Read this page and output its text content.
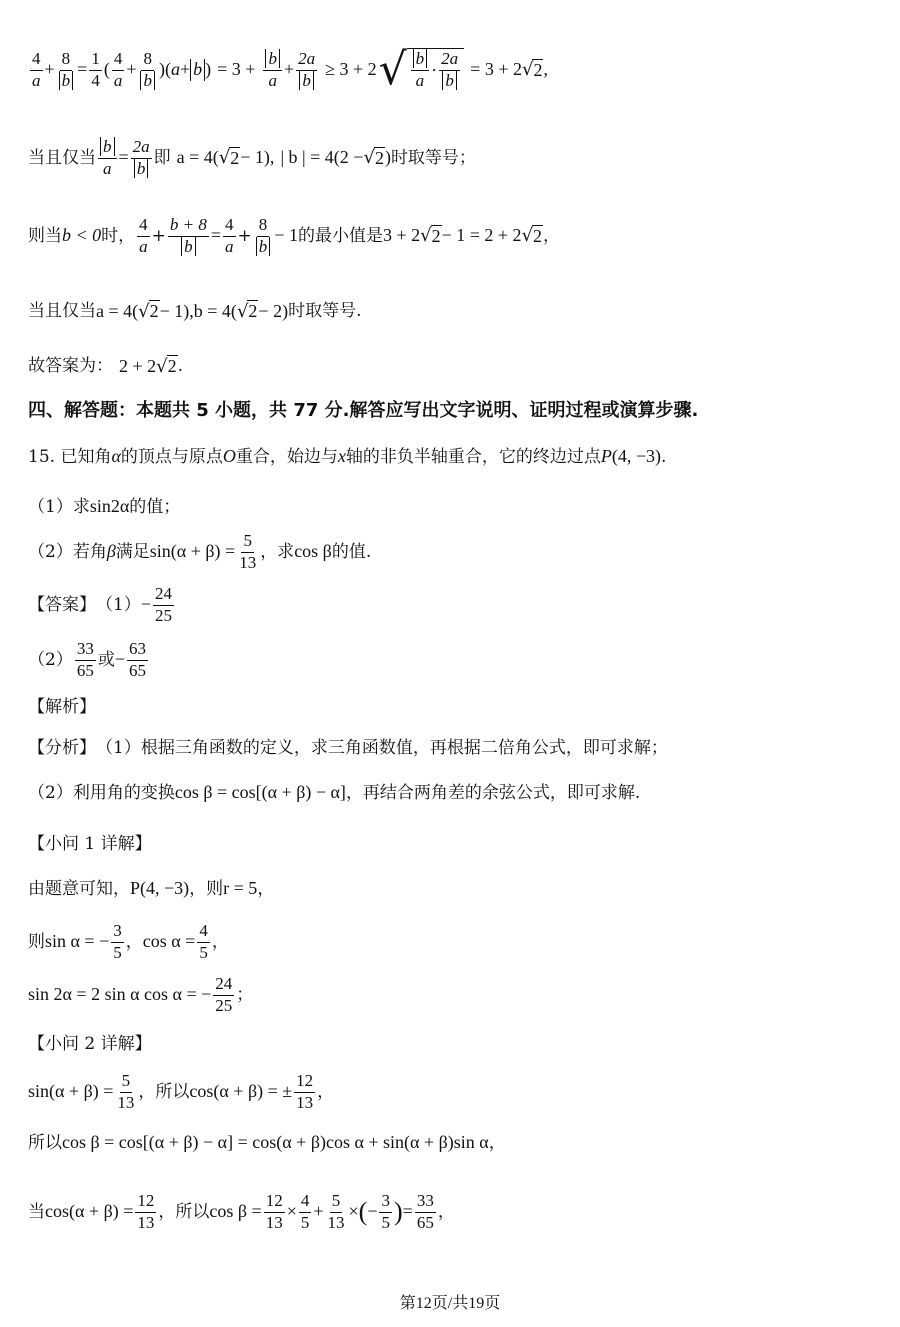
$\frac{4}{a} + \frac{8}{b} = \frac{1}{4}$ ( $\frac{4}{a} + \frac{8}{b}$ )( a + b ) = $3 + \frac{b}{a} + \frac{2a}{b} \ge 3 + 2$ √ $\frac{b}{a} \cdot \frac{2a}{b} = 3 + 2$ √ 2 ,
当且仅当 $\frac{b}{a} = \frac{2a}{b}$ 即 a = 4( √ 2 − 1), | b | = 4(2 − √ 2 ) 时取等号；
则当 b < 0 时， $\frac{4}{a} + \frac{b + 8}{b} = \frac{4}{a} + \frac{8}{b} - 1$ 的最小值是 3 + 2 √ 2 − 1 = 2 + 2 √ 2 ，
当且仅当 a = 4( √ 2 − 1), b = 4( √ 2 − 2) 时取等号.
故答案为： 2 + 2 √ 2 .
四、解答题：本题共 5 小题，共 77 分.解答应写出文字说明、证明过程或演算步骤.
15. 已知角 α 的顶点与原点 O 重合，始边与 x 轴的非负半轴重合，它的终边过点 P (4, −3) .
（1）求 sin2α 的值；
（2）若角 β 满足 $\sin(\alpha + \beta) = \frac{5}{13}$ ，求 cos β 的值.
【答案】 $(1) - \frac{24}{25}$
$(2) \frac{33}{65}$ 或 − $\frac{63}{65}$
【解析】
【分析】 （1）根据三角函数的定义，求三角函数值，再根据二倍角公式，即可求解；
（2）利用角的变换 cos β = cos[(α + β) − α] ，再结合两角差的余弦公式，即可求解.
【小问 1 详解】
由题意可知， P(4, −3) ，则 r = 5 ，
则 sin α = − $\frac{3}{5}$ ， $\cos \alpha = \frac{4}{5}$ ，
sin 2α = 2 sin α cos α = − $\frac{24}{25}$ ；
【小问 2 详解】
$\sin(\alpha + \beta) = \frac{5}{13}$ ，所以 cos(α + β) = ± $\frac{12}{13}$ ，
所以 cos β = cos[(α + β) − α] = cos(α + β)cos α + sin(α + β)sin α ，
当 $\cos(\alpha + \beta) = \frac{12}{13}$ ，所以 $\cos \beta = \frac{12}{13} \times \frac{4}{5} + \frac{5}{13}$ × ( − $\frac{3}{5}$ ) = $\frac{33}{65}$ ，
第12页/共19页
